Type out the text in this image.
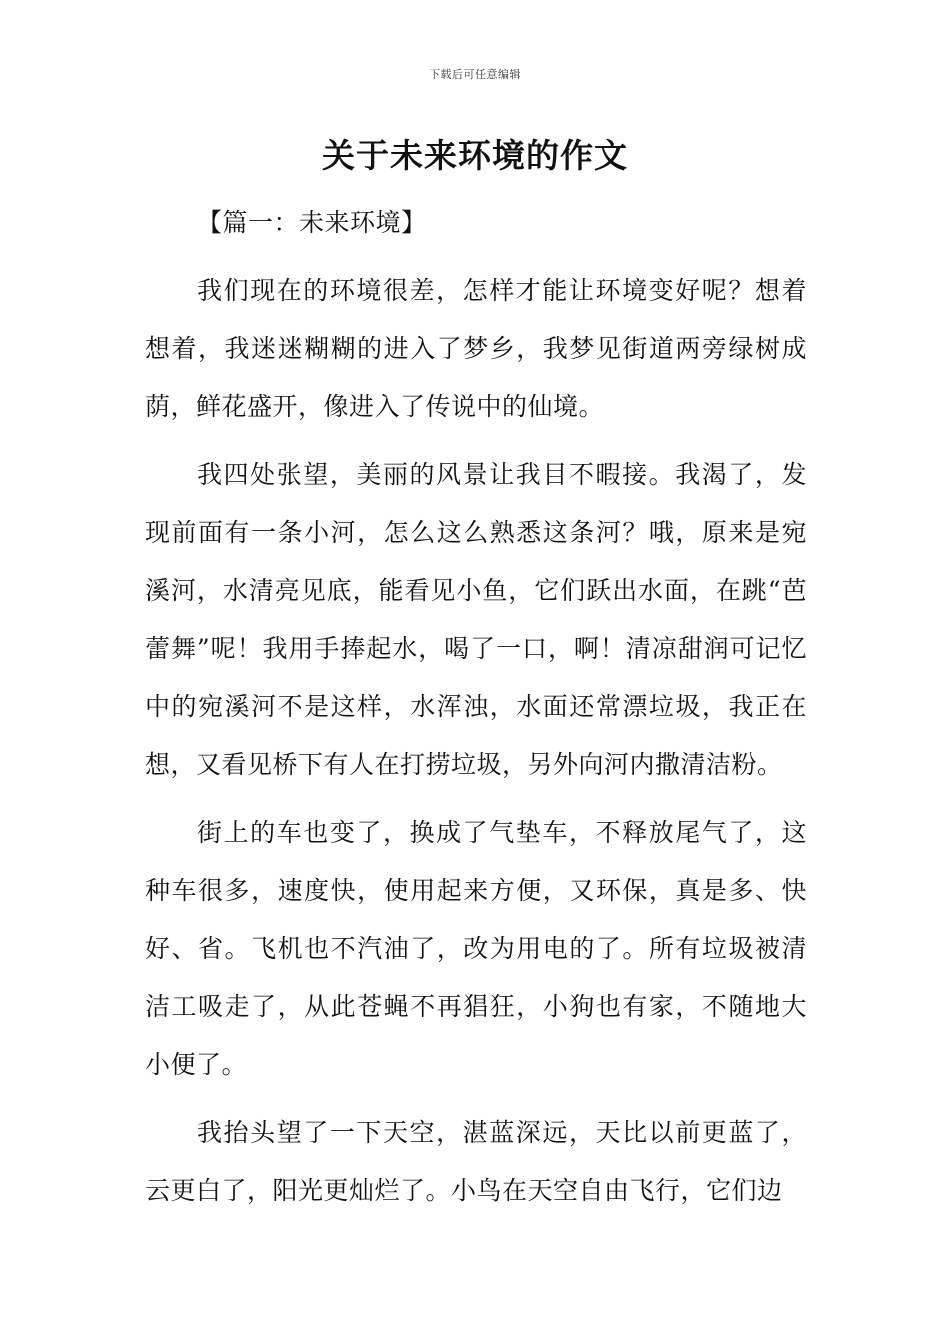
下载后可任意编辑
关于未来环境的作文

【篇一：未来环境】

我们现在的环境很差，怎样才能让环境变好呢？想着想着，我迷迷糊糊的进入了梦乡，我梦见街道两旁绿树成荫，鲜花盛开，像进入了传说中的仙境。

我四处张望，美丽的风景让我目不暇接。我渴了，发现前面有一条小河，怎么这么熟悉这条河？哦，原来是宛溪河，水清亮见底，能看见小鱼，它们跃出水面，在跳“芭蕾舞”呢！我用手捧起水，喝了一口，啊！清凉甜润可记忆中的宛溪河不是这样，水浑浊，水面还常漂垃圾，我正在想，又看见桥下有人在打捞垃圾，另外向河内撒清洁粉。

街上的车也变了，换成了气垫车，不释放尾气了，这种车很多，速度快，使用起来方便，又环保，真是多、快好、省。飞机也不汽油了，改为用电的了。所有垃圾被清洁工吸走了，从此苍蝇不再猖狂，小狗也有家，不随地大小便了。

我抬头望了一下天空，湛蓝深远，天比以前更蓝了，云更白了，阳光更灿烂了。小鸟在天空自由飞行，它们边
